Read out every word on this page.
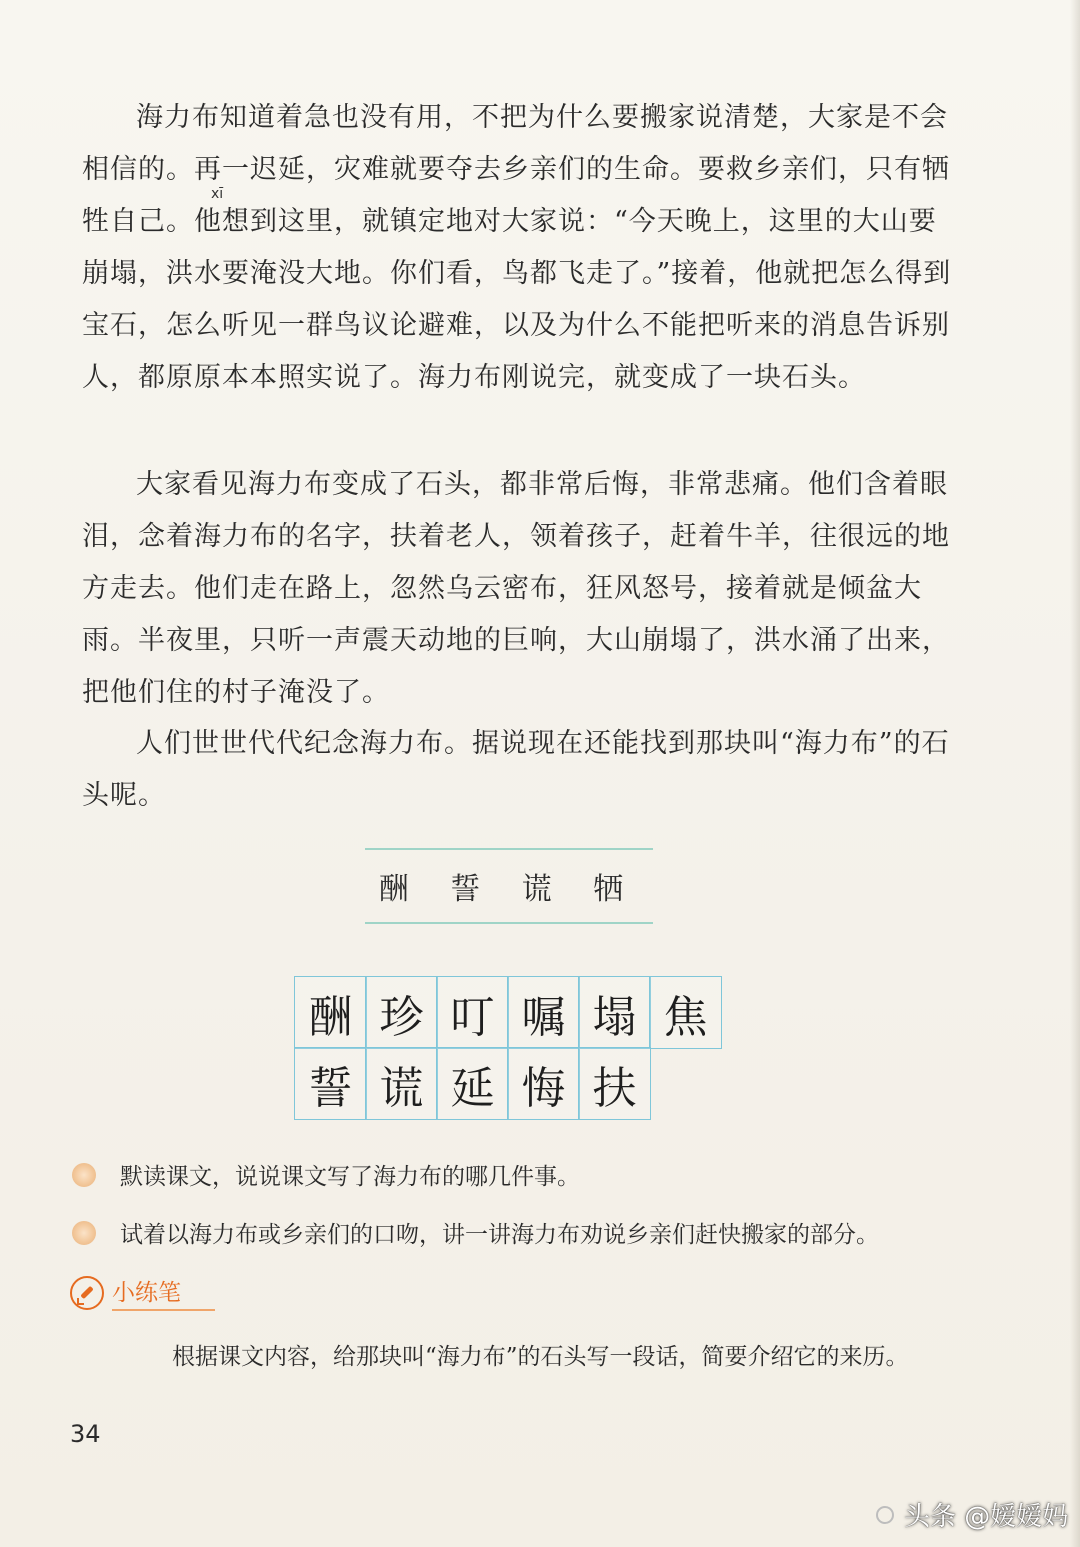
xī

海力布知道着急也没有用，不把为什么要搬家说清楚，大家是不会相信的。再一迟延，灾难就要夺去乡亲们的生命。要救乡亲们，只有牺牲自己。他想到这里，就镇定地对大家说：“今天晚上，这里的大山要崩塌，洪水要淹没大地。你们看，鸟都飞走了。”接着，他就把怎么得到宝石，怎么听见一群鸟议论避难，以及为什么不能把听来的消息告诉别人，都原原本本照实说了。海力布刚说完，就变成了一块石头。

大家看见海力布变成了石头，都非常后悔，非常悲痛。他们含着眼泪，念着海力布的名字，扶着老人，领着孩子，赶着牛羊，往很远的地方走去。他们走在路上，忽然乌云密布，狂风怒号，接着就是倾盆大雨。半夜里，只听一声震天动地的巨响，大山崩塌了，洪水涌了出来，把他们住的村子淹没了。

人们世世代代纪念海力布。据说现在还能找到那块叫“海力布”的石头呢。

酬 誓 谎 牺
酬 珍 叮 嘱 塌 焦
誓 谎 延 悔 扶
默读课文，说说课文写了海力布的哪几件事。
试着以海力布或乡亲们的口吻，讲一讲海力布劝说乡亲们赶快搬家的部分。
小练笔
根据课文内容，给那块叫“海力布”的石头写一段话，简要介绍它的来历。
34
头条 @嫒嫒妈
